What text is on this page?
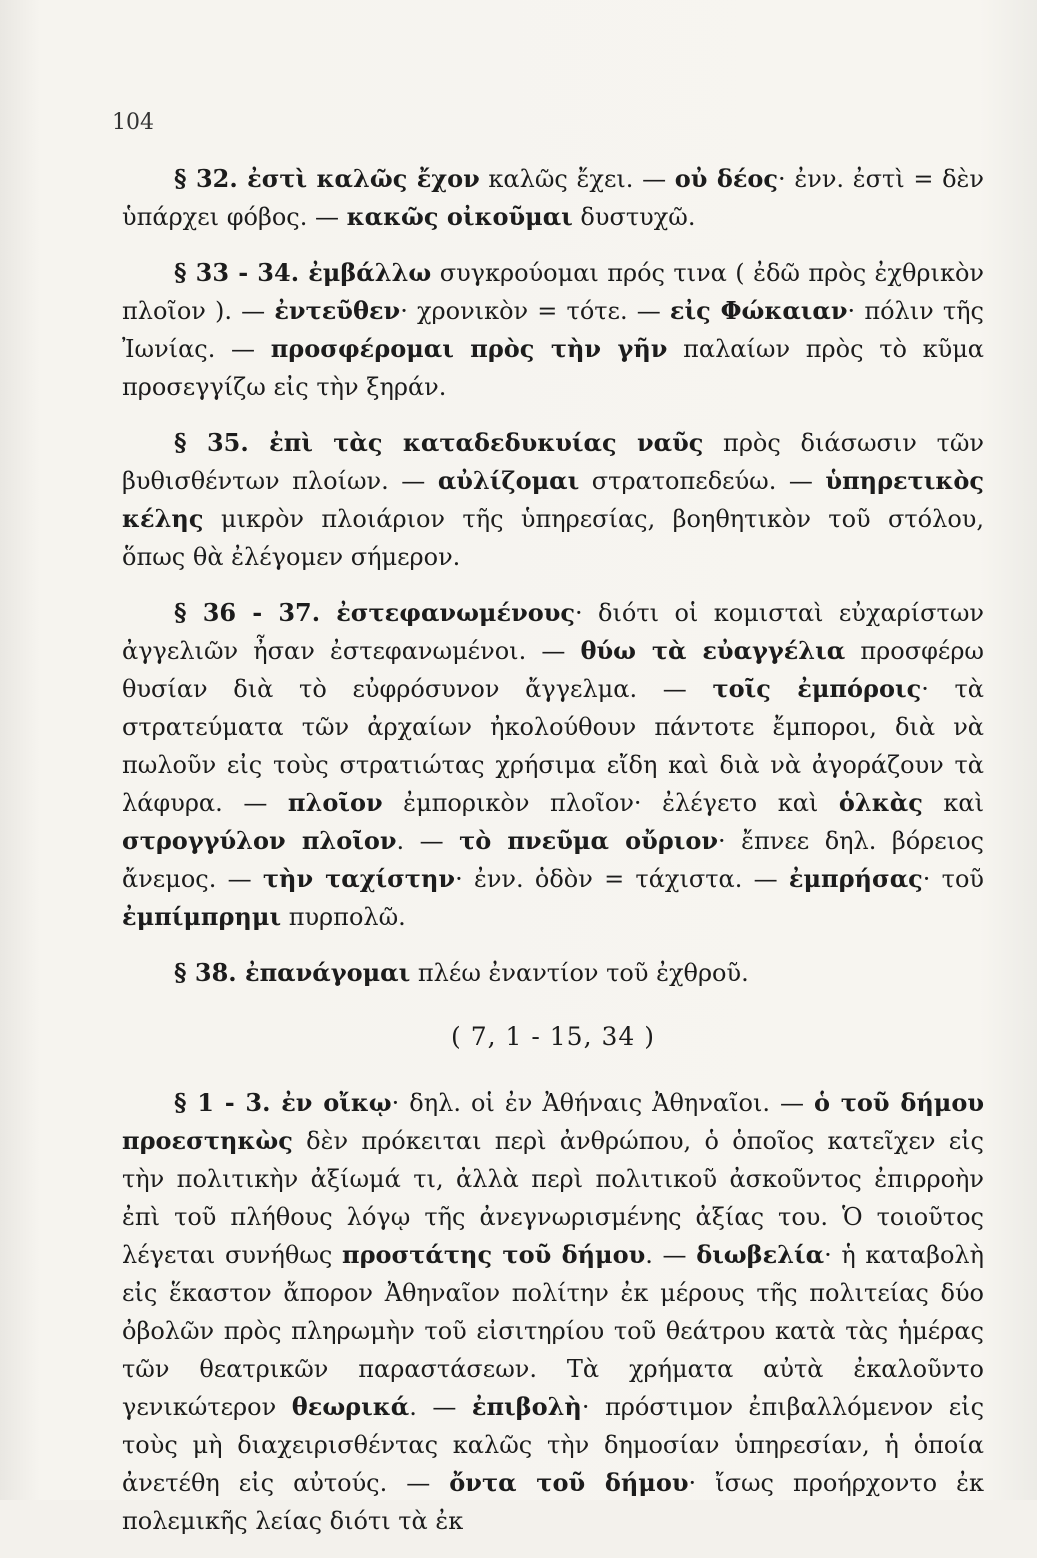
104

§ 32. ἐστὶ καλῶς ἔχον καλῶς ἔχει. — οὐ δέος· ἐνν. ἐστὶ = δὲν ὑπάρχει φόβος. — κακῶς οἰκοῦμαι δυστυχῶ.

§ 33 - 34. ἐμβάλλω συγκρούομαι πρός τινα ( ἐδῶ πρὸς ἐχθρικὸν πλοῖον ). — ἐντεῦθεν· χρονικὸν = τότε. — εἰς Φώκαιαν· πόλιν τῆς Ἰωνίας. — προσφέρομαι πρὸς τὴν γῆν παλαίων πρὸς τὸ κῦμα προσεγγίζω εἰς τὴν ξηράν.

§ 35. ἐπὶ τὰς καταδεδυκυίας ναῦς πρὸς διάσωσιν τῶν βυθισθέντων πλοίων. — αὐλίζομαι στρατοπεδεύω. — ὑπηρετικὸς κέλης μικρὸν πλοιάριον τῆς ὑπηρεσίας, βοηθητικὸν τοῦ στόλου, ὅπως θὰ ἐλέγομεν σήμερον.

§ 36 - 37. ἐστεφανωμένους· διότι οἱ κομισταὶ εὐχαρίστων ἀγγελιῶν ἦσαν ἐστεφανωμένοι. — θύω τὰ εὐαγγέλια προσφέρω θυσίαν διὰ τὸ εὐφρόσυνον ἄγγελμα. — τοῖς ἐμπόροις· τὰ στρατεύματα τῶν ἀρχαίων ἠκολούθουν πάντοτε ἔμποροι, διὰ νὰ πωλοῦν εἰς τοὺς στρατιώτας χρήσιμα εἴδη καὶ διὰ νὰ ἀγοράζουν τὰ λάφυρα. — πλοῖον ἐμπορικὸν πλοῖον· ἐλέγετο καὶ ὁλκὰς καὶ στρογγύλον πλοῖον. — τὸ πνεῦμα οὔριον· ἔπνεε δηλ. βόρειος ἄνεμος. — τὴν ταχίστην· ἐνν. ὁδὸν = τάχιστα. — ἐμπρήσας· τοῦ ἐμπίμπρημι πυρπολῶ.

§ 38. ἐπανάγομαι πλέω ἐναντίον τοῦ ἐχθροῦ.

( 7, 1 - 15, 34 )

§ 1 - 3. ἐν οἴκῳ· δηλ. οἱ ἐν Ἀθήναις Ἀθηναῖοι. — ὁ τοῦ δήμου προεστηκὼς δὲν πρόκειται περὶ ἀνθρώπου, ὁ ὁποῖος κατεῖχεν εἰς τὴν πολιτικὴν ἀξίωμά τι, ἀλλὰ περὶ πολιτικοῦ ἀσκοῦντος ἐπιρροὴν ἐπὶ τοῦ πλήθους λόγῳ τῆς ἀνεγνωρισμένης ἀξίας του. Ὁ τοιοῦτος λέγεται συνήθως προστάτης τοῦ δήμου. — διωβελία· ἡ καταβολὴ εἰς ἕκαστον ἄπορον Ἀθηναῖον πολίτην ἐκ μέρους τῆς πολιτείας δύο ὀβολῶν πρὸς πληρωμὴν τοῦ εἰσιτηρίου τοῦ θεάτρου κατὰ τὰς ἡμέρας τῶν θεατρικῶν παραστάσεων. Τὰ χρήματα αὐτὰ ἐκαλοῦντο γενικώτερον θεωρικά. — ἐπιβολὴ· πρόστιμον ἐπιβαλλόμενον εἰς τοὺς μὴ διαχειρισθέντας καλῶς τὴν δημοσίαν ὑπηρεσίαν, ἡ ὁποία ἀνετέθη εἰς αὐτούς. — ὄντα τοῦ δήμου· ἴσως προήρχοντο ἐκ πολεμικῆς λείας διότι τὰ ἐκ
